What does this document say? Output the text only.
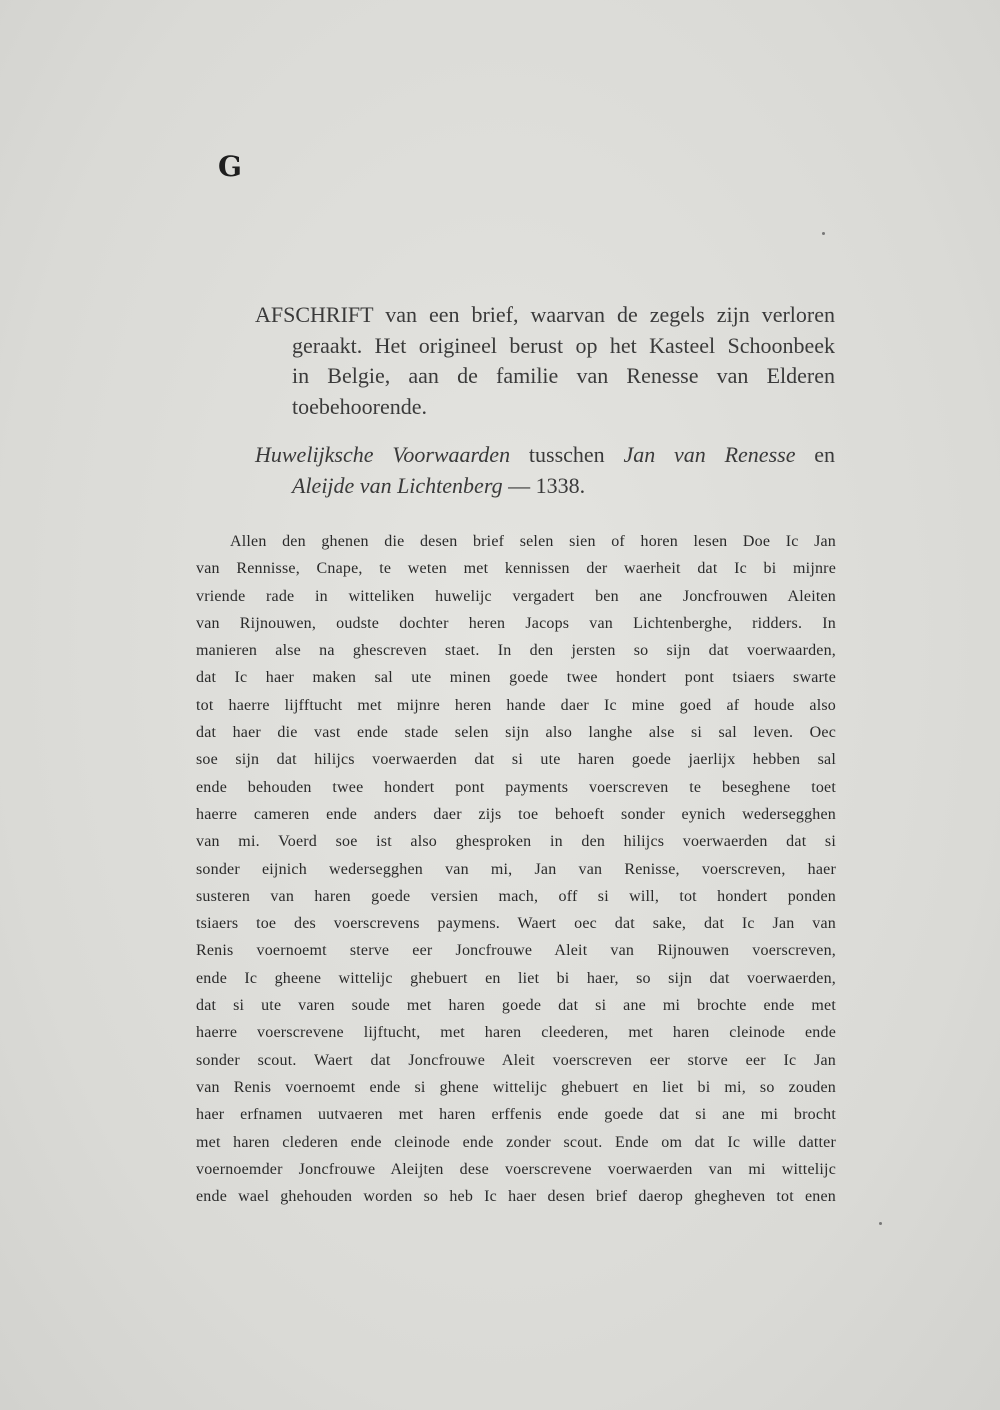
G
AFSCHRIFT van een brief, waarvan de zegels zijn verloren
geraakt. Het origineel berust op het Kasteel Schoonbeek
in Belgie, aan de familie van Renesse van Elderen
toebehoorende.
Huwelijksche Voorwaarden tusschen Jan van Renesse en
Aleijde van Lichtenberg — 1338.
Allen den ghenen die desen brief selen sien of horen lesen Doe Ic Jan
van Rennisse, Cnape, te weten met kennissen der waerheit dat Ic bi mijnre
vriende rade in witteliken huwelijc vergadert ben ane Joncfrouwen Aleiten
van Rijnouwen, oudste dochter heren Jacops van Lichtenberghe, ridders. In
manieren alse na ghescreven staet. In den jersten so sijn dat voerwaarden,
dat Ic haer maken sal ute minen goede twee hondert pont tsiaers swarte
tot haerre lijfftucht met mijnre heren hande daer Ic mine goed af houde also
dat haer die vast ende stade selen sijn also langhe alse si sal leven. Oec
soe sijn dat hilijcs voerwaerden dat si ute haren goede jaerlijx hebben sal
ende behouden twee hondert pont payments voerscreven te beseghene toet
haerre cameren ende anders daer zijs toe behoeft sonder eynich wedersegghen
van mi. Voerd soe ist also ghesproken in den hilijcs voerwaerden dat si
sonder eijnich wedersegghen van mi, Jan van Renisse, voerscreven, haer
susteren van haren goede versien mach, off si will, tot hondert ponden
tsiaers toe des voerscrevens paymens. Waert oec dat sake, dat Ic Jan van
Renis voernoemt sterve eer Joncfrouwe Aleit van Rijnouwen voerscreven,
ende Ic gheene wittelijc ghebuert en liet bi haer, so sijn dat voerwaerden,
dat si ute varen soude met haren goede dat si ane mi brochte ende met
haerre voerscrevene lijftucht, met haren cleederen, met haren cleinode ende
sonder scout. Waert dat Joncfrouwe Aleit voerscreven eer storve eer Ic Jan
van Renis voernoemt ende si ghene wittelijc ghebuert en liet bi mi, so zouden
haer erfnamen uutvaeren met haren erffenis ende goede dat si ane mi brocht
met haren clederen ende cleinode ende zonder scout. Ende om dat Ic wille datter
voernoemder Joncfrouwe Aleijten dese voerscrevene voerwaerden van mi wittelijc
ende wael ghehouden worden so heb Ic haer desen brief daerop ghegheven tot enen
